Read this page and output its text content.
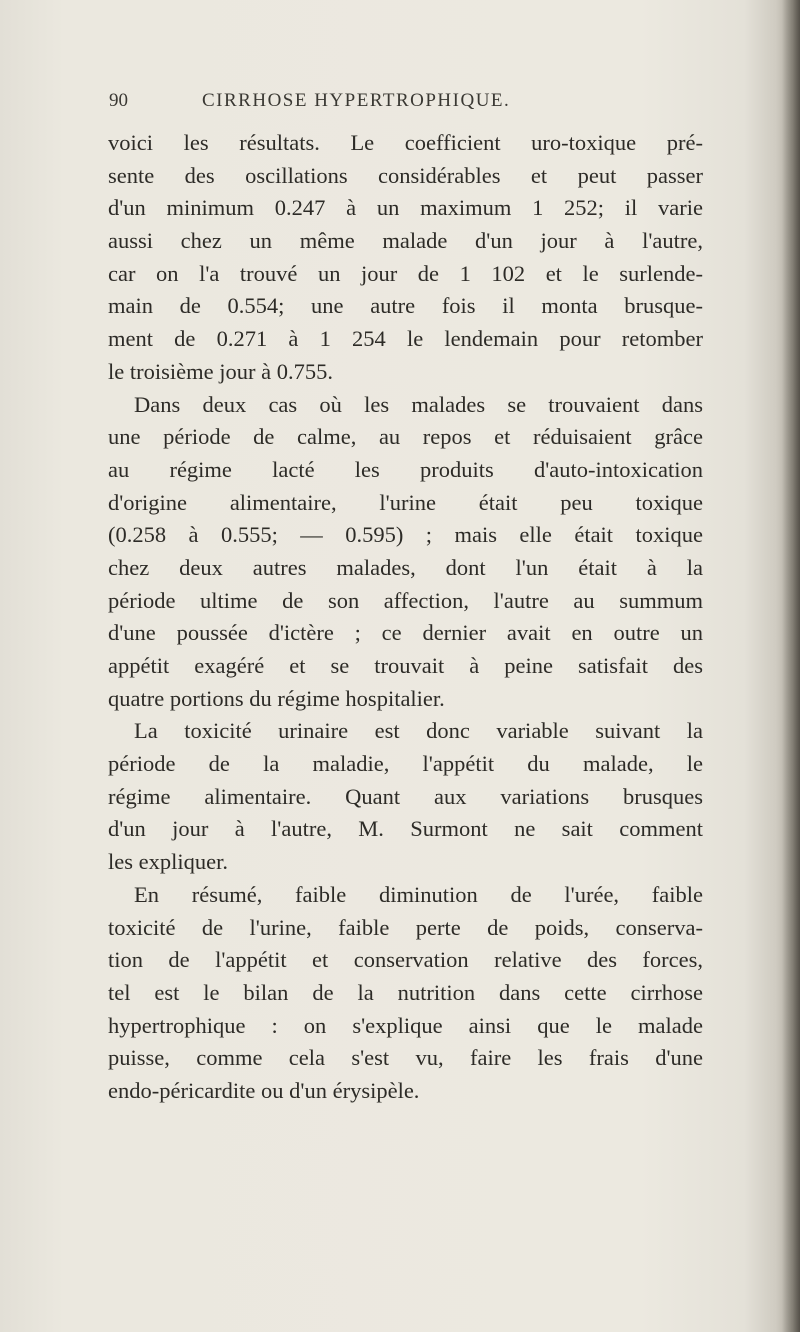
90	CIRRHOSE HYPERTROPHIQUE.
voici les résultats. Le coefficient uro-toxique pré-
sente des oscillations considérables et peut passer
d'un minimum 0.247 à un maximum 1 252; il varie
aussi chez un même malade d'un jour à l'autre,
car on l'a trouvé un jour de 1 102 et le surlende-
main de 0.554; une autre fois il monta brusque-
ment de 0.271 à 1 254 le lendemain pour retomber
le troisième jour à 0.755.
Dans deux cas où les malades se trouvaient dans
une période de calme, au repos et réduisaient grâce
au régime lacté les produits d'auto-intoxication
d'origine alimentaire, l'urine était peu toxique
(0.258 à 0.555; — 0.595) ; mais elle était toxique
chez deux autres malades, dont l'un était à la
période ultime de son affection, l'autre au summum
d'une poussée d'ictère ; ce dernier avait en outre un
appétit exagéré et se trouvait à peine satisfait des
quatre portions du régime hospitalier.
La toxicité urinaire est donc variable suivant la
période de la maladie, l'appétit du malade, le
régime alimentaire. Quant aux variations brusques
d'un jour à l'autre, M. Surmont ne sait comment
les expliquer.
En résumé, faible diminution de l'urée, faible
toxicité de l'urine, faible perte de poids, conserva-
tion de l'appétit et conservation relative des forces,
tel est le bilan de la nutrition dans cette cirrhose
hypertrophique : on s'explique ainsi que le malade
puisse, comme cela s'est vu, faire les frais d'une
endo-péricardite ou d'un érysipèle.
